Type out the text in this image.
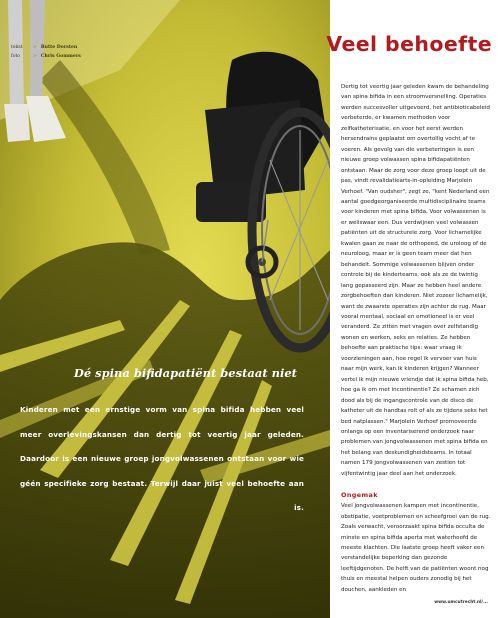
tekst	> Rutte Dorsten
foto	> Chris Gommers
Dé spina bifidapatiënt bestaat niet
Kinderen met een ernstige vorm van spina bifida hebben veel meer overlevingskansen dan dertig tot veertig jaar geleden. Daardoor is een nieuwe groep jongvolwassenen ontstaan voor wie géén specifieke zorg bestaat. Terwijl daar juist veel behoefte aan is.
Veel behoefte

Dertig tot veertig jaar geleden kwam de behandeling van spina bifida in een stroomversnelling. Operaties werden succesvoller uitgevoerd, het antibioticabeleid verbeterde, er kwamen methoden voor zelfkatheterisatie, en voor het eerst werden hersendrains geplaatst om overtollig vocht af te voeren. Als gevolg van die verbeteringen is een nieuwe groep volwassen spina bifidapatiënten ontstaan. Maar de zorg voor deze groep loopt uit de pas, vindt revalidatiearts-in-opleiding Marjolein Verhoef. "Van oudsher", zegt ze, "kent Nederland een aantal goedgeorganiseerde multidisciplinaire teams voor kinderen met spina bifida. Voor volwassenen is er weliswaar een. Dus verdwijnen veel volwassen patiënten uit de structurele zorg. Voor lichamelijke kwalen gaan ze naar de orthopeed, de uroloog of de neuroloog, maar er is geen team meer dat hen behandelt. Sommige volwassenen blijven onder controle bij de kinderteams, ook als ze de twintig lang gepasseerd zijn. Maar ze hebben heel andere zorgbehoeften dan kinderen. Niet zozeer lichamelijk, want de zwaarste operaties zijn achter de rug. Maar vooral mentaal, sociaal en emotioneel is er veel veranderd. Ze zitten met vragen over zelfstandig wonen en werken, seks en relaties. Ze hebben behoefte aan praktische tips: waar vraag ik voorzieningen aan, hoe regel ik vervoer van huis naar mijn werk, kan ik kinderen krijgen? Wanneer vertel ik mijn nieuwe vriendje dat ik spina bifida heb, hoe ga ik om met incontinentie? Ze schamen zich dood als bij de ingangscontrole van de disco de katheter uit de handtas rolt of als ze tijdens seks het bed natplassen." Marjolein Verhoef promoveerde onlangs op een inventariserend onderzoek naar problemen van jongvolwassenen met spina bifida en het belang van deskundigheidsteams. In totaal namen 179 jongvolwassenen van zestien tot vijfentwintig jaar deel aan het onderzoek.

Ongemak

Veel jongvolwassenen kampen met incontinentie, obstipatie, voetproblemen en scheefgroei van de rug. Zoals verwacht, veroorzaakt spina bifida occulta de minste en spina bifida aperta met waterhoofd de meeste klachten. Die laatste groep heeft vaker een verstandelijke beperking dan gezonde leeftijdgenoten. De helft van de patiënten woont nog thuis en meestal helpen ouders zonodig bij het douchen, aankleden en

www.umcutrecht.nl/...
